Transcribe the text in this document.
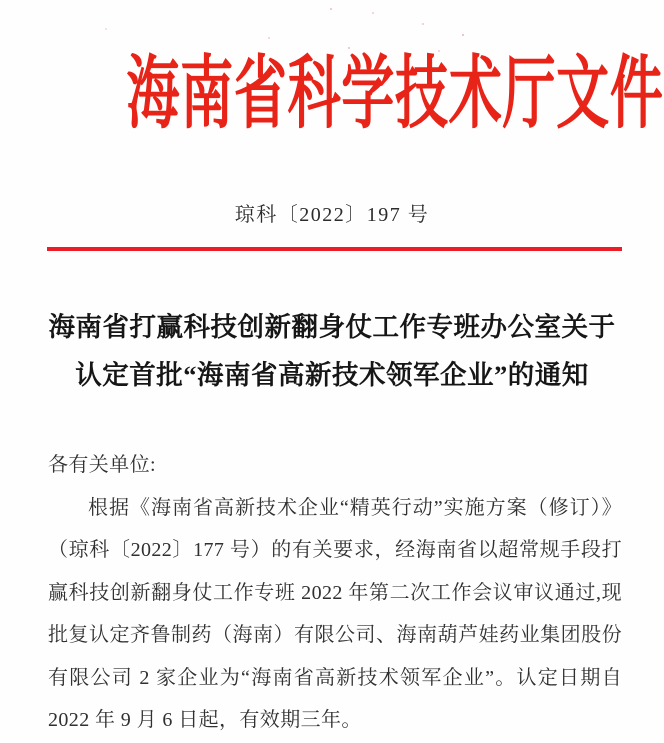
海南省科学技术厅文件
琼科〔2022〕197 号
海南省打赢科技创新翻身仗工作专班办公室关于
认定首批“海南省高新技术领军企业”的通知
各有关单位:
根据《海南省高新技术企业“精英行动”实施方案（修订）》
（琼科〔2022〕177 号）的有关要求，经海南省以超常规手段打
赢科技创新翻身仗工作专班 2022 年第二次工作会议审议通过,现
批复认定齐鲁制药（海南）有限公司、海南葫芦娃药业集团股份
有限公司 2 家企业为“海南省高新技术领军企业”。认定日期自
2022 年 9 月 6 日起，有效期三年。
